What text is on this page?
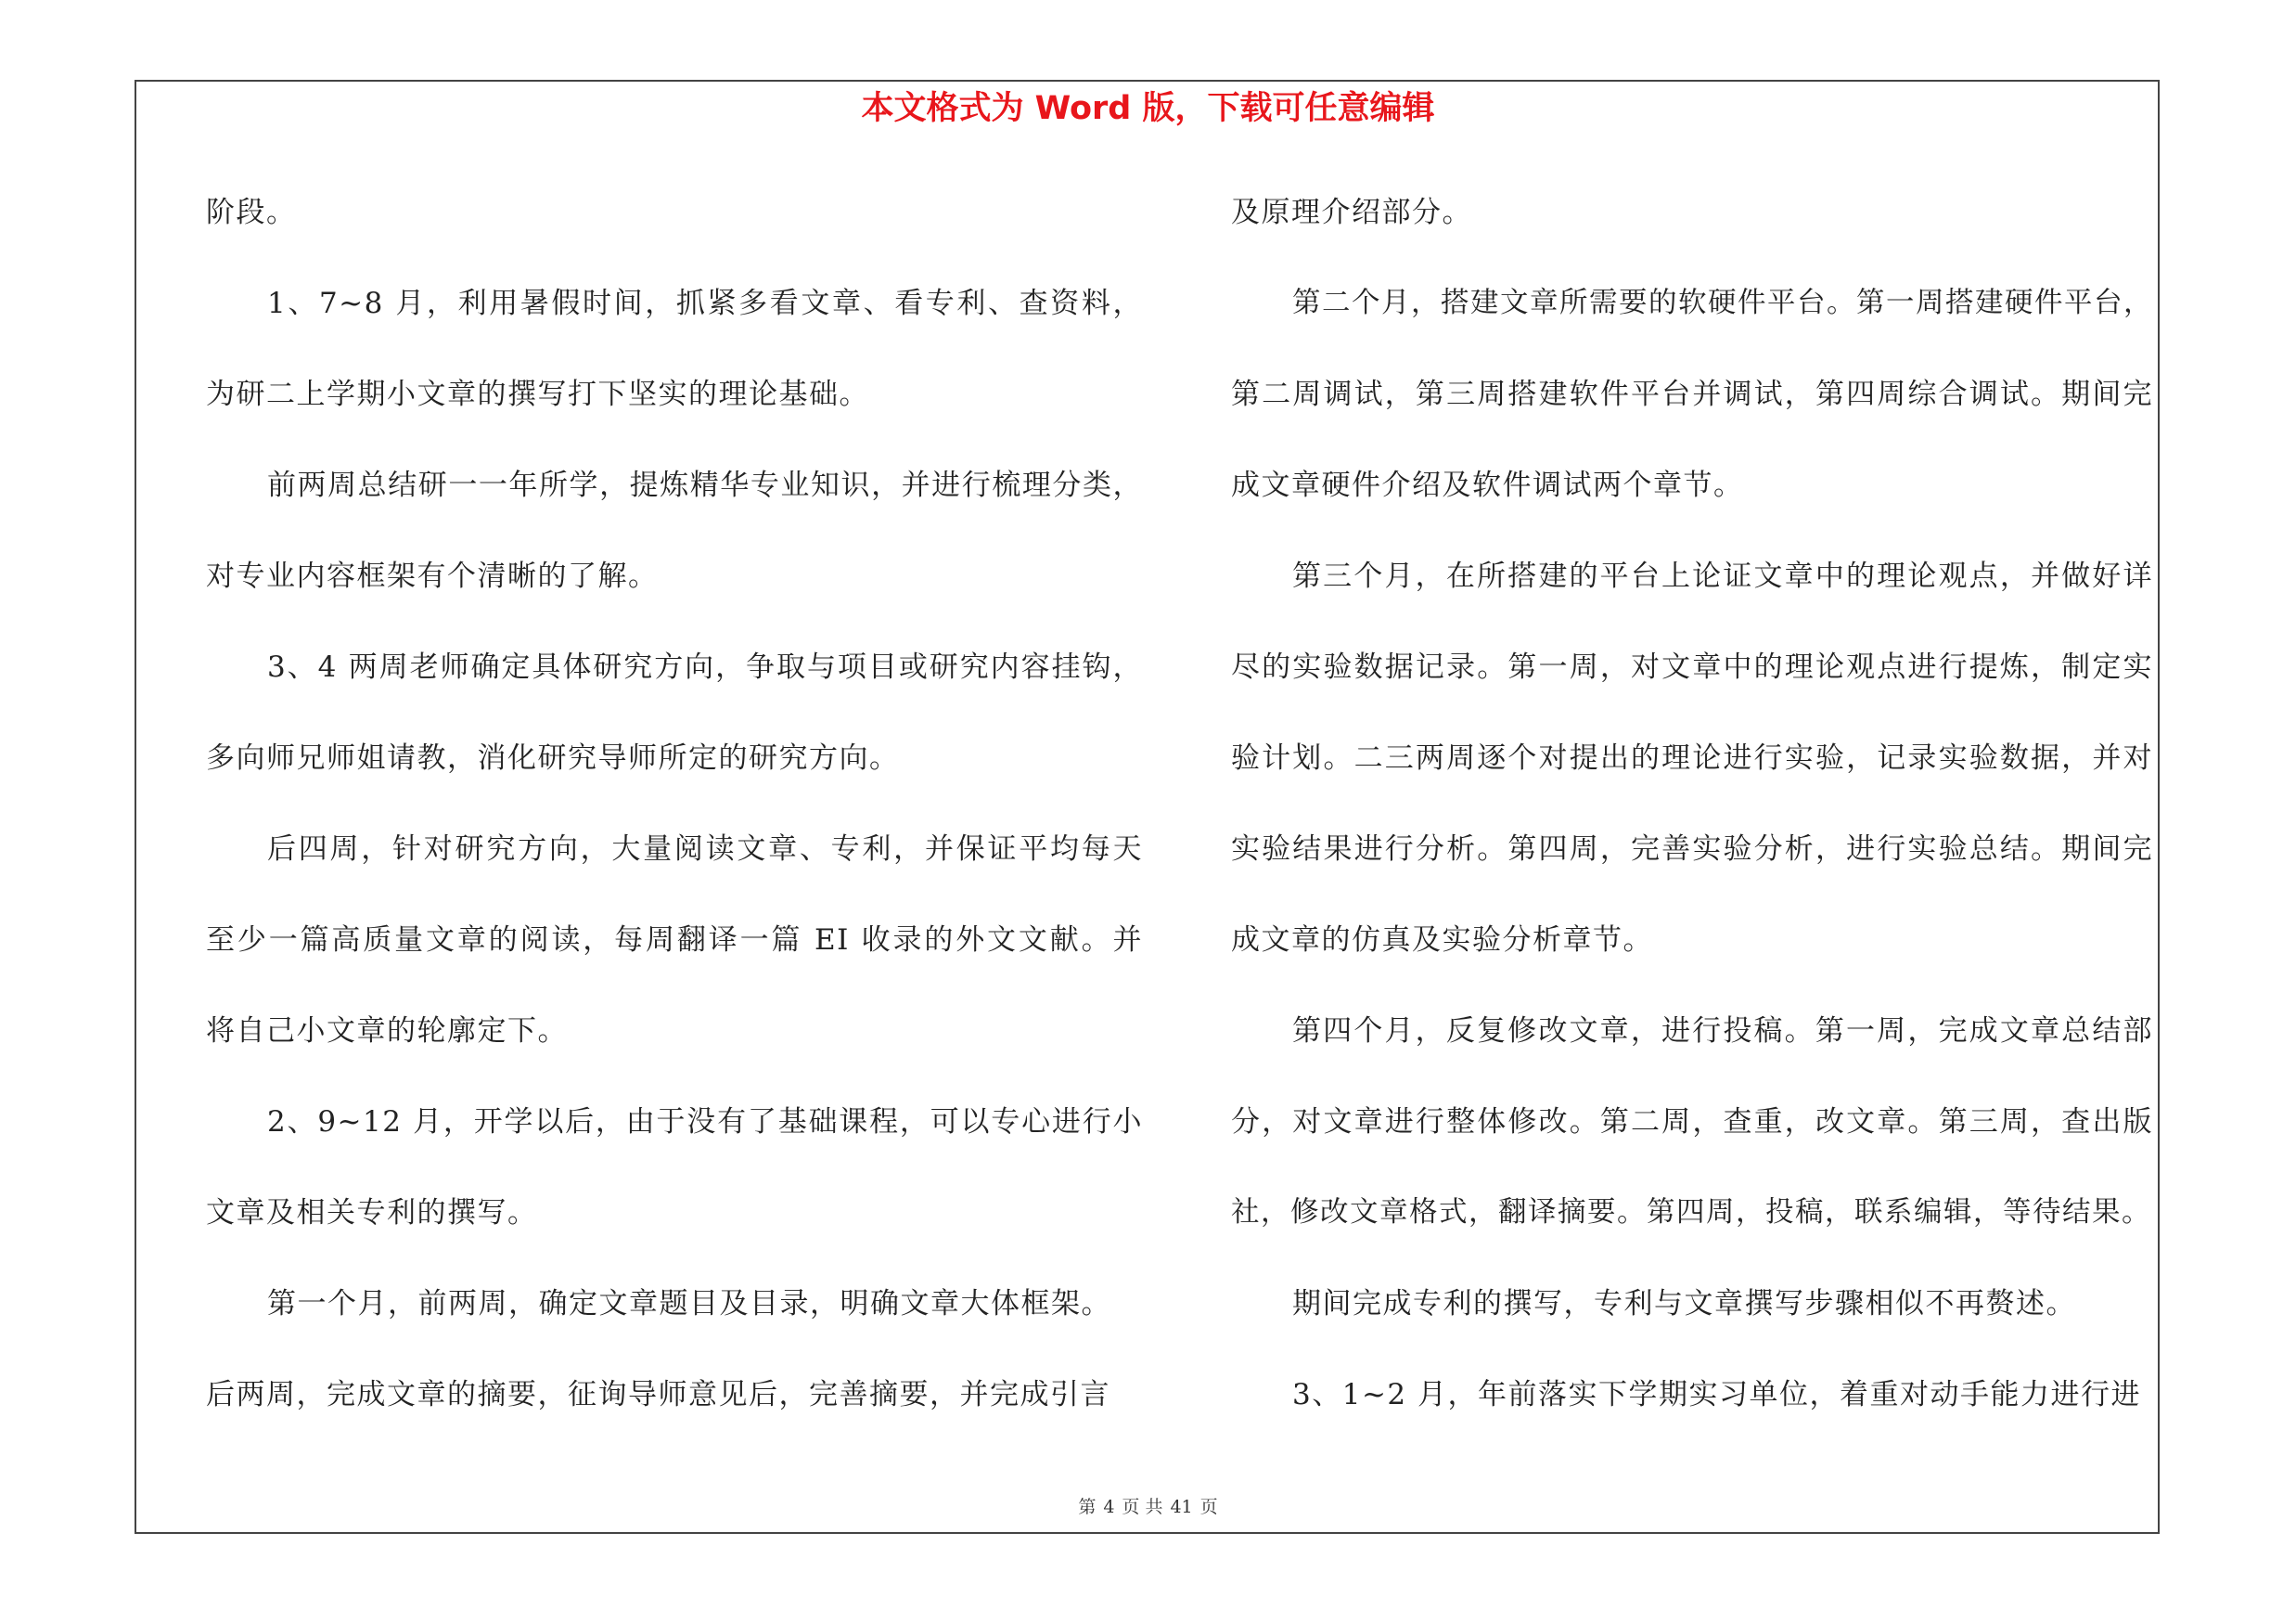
本文格式为 Word 版，下载可任意编辑
阶段。
1、7~8 月，利用暑假时间，抓紧多看文章、看专利、查资料，
为研二上学期小文章的撰写打下坚实的理论基础。
前两周总结研一一年所学，提炼精华专业知识，并进行梳理分类，
对专业内容框架有个清晰的了解。
3、4 两周老师确定具体研究方向，争取与项目或研究内容挂钩，
多向师兄师姐请教，消化研究导师所定的研究方向。
后四周，针对研究方向，大量阅读文章、专利，并保证平均每天
至少一篇高质量文章的阅读，每周翻译一篇 EI 收录的外文文献。并
将自己小文章的轮廓定下。
2、9~12 月，开学以后，由于没有了基础课程，可以专心进行小
文章及相关专利的撰写。
第一个月，前两周，确定文章题目及目录，明确文章大体框架。
后两周，完成文章的摘要，征询导师意见后，完善摘要，并完成引言
及原理介绍部分。
第二个月，搭建文章所需要的软硬件平台。第一周搭建硬件平台，
第二周调试，第三周搭建软件平台并调试，第四周综合调试。期间完
成文章硬件介绍及软件调试两个章节。
第三个月，在所搭建的平台上论证文章中的理论观点，并做好详
尽的实验数据记录。第一周，对文章中的理论观点进行提炼，制定实
验计划。二三两周逐个对提出的理论进行实验，记录实验数据，并对
实验结果进行分析。第四周，完善实验分析，进行实验总结。期间完
成文章的仿真及实验分析章节。
第四个月，反复修改文章，进行投稿。第一周，完成文章总结部
分，对文章进行整体修改。第二周，查重，改文章。第三周，查出版
社，修改文章格式，翻译摘要。第四周，投稿，联系编辑，等待结果。
期间完成专利的撰写，专利与文章撰写步骤相似不再赘述。
3、1~2 月，年前落实下学期实习单位，着重对动手能力进行进
第 4 页 共 41 页
